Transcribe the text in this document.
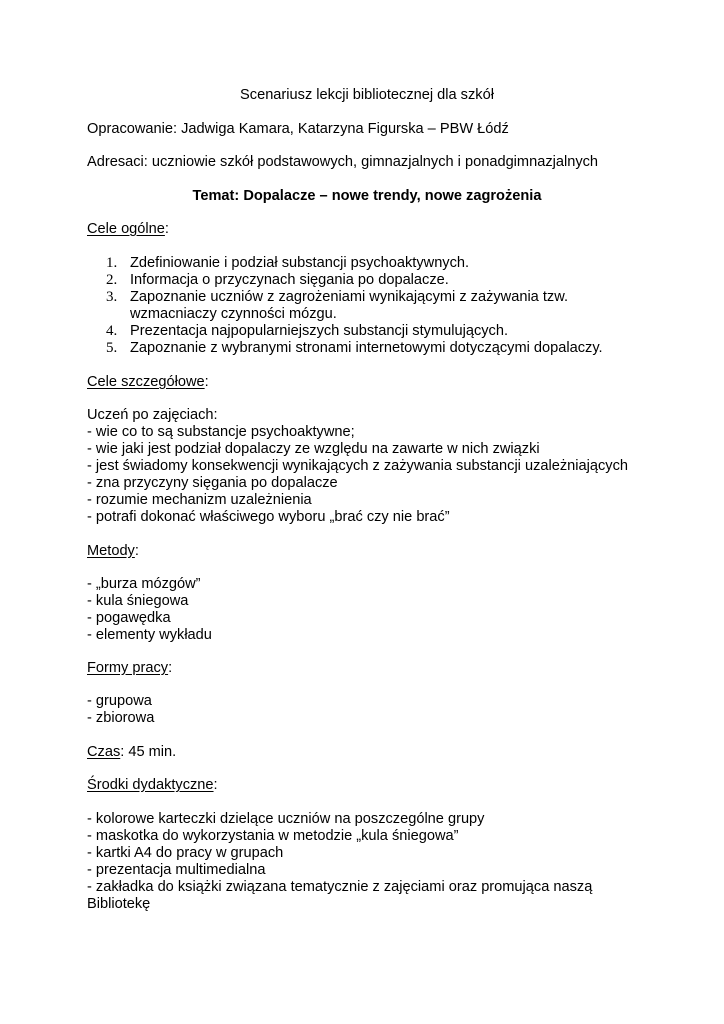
Scenariusz lekcji bibliotecznej dla szkół

Opracowanie: Jadwiga Kamara, Katarzyna Figurska – PBW Łódź

Adresaci: uczniowie szkół podstawowych, gimnazjalnych i ponadgimnazjalnych

Temat: Dopalacze – nowe trendy, nowe zagrożenia

Cele ogólne:

1. Zdefiniowanie i podział substancji psychoaktywnych.
2. Informacja o przyczynach sięgania po dopalacze.
3. Zapoznanie uczniów z zagrożeniami wynikającymi z zażywania tzw.
wzmacniaczy czynności mózgu.
4. Prezentacja najpopularniejszych substancji stymulujących.
5. Zapoznanie z wybranymi stronami internetowymi dotyczącymi dopalaczy.

Cele szczegółowe:

Uczeń po zajęciach:

- wie co to są substancje psychoaktywne;

- wie jaki jest podział dopalaczy ze względu na zawarte w nich związki

- jest świadomy konsekwencji wynikających z zażywania substancji uzależniających

- zna przyczyny sięgania po dopalacze

- rozumie mechanizm uzależnienia

- potrafi dokonać właściwego wyboru „brać czy nie brać”

Metody:

- „burza mózgów”

- kula śniegowa

- pogawędka

- elementy wykładu

Formy pracy:

- grupowa

- zbiorowa

Czas: 45 min.

Środki dydaktyczne:

- kolorowe karteczki dzielące uczniów na poszczególne grupy

- maskotka do wykorzystania w metodzie „kula śniegowa”

- kartki A4 do pracy w grupach

- prezentacja multimedialna

- zakładka do książki związana tematycznie z zajęciami oraz promująca naszą

Bibliotekę
